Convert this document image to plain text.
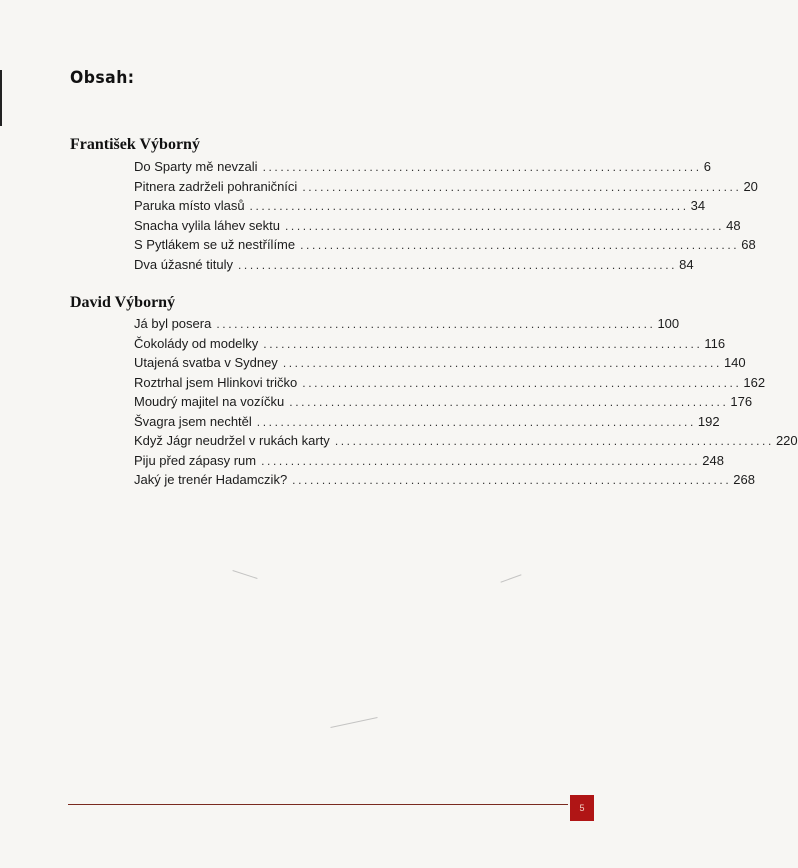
Obsah:
František Výborný
Do Sparty mě nevzali .......................................................................... 6
Pitnera zadrželi pohraničníci .......................................................................... 20
Paruka místo vlasů .......................................................................... 34
Snacha vylila láhev sektu .......................................................................... 48
S Pytlákem se už nestřílíme .......................................................................... 68
Dva úžasné tituly .......................................................................... 84
David Výborný
Já byl posera .......................................................................... 100
Čokolády od modelky .......................................................................... 116
Utajená svatba v Sydney .......................................................................... 140
Roztrhal jsem Hlinkovi tričko .......................................................................... 162
Moudrý majitel na vozíčku .......................................................................... 176
Švagra jsem nechtěl .......................................................................... 192
Když Jágr neudržel v rukách karty .......................................................................... 220
Piju před zápasy rum .......................................................................... 248
Jaký je trenér Hadamczik? .......................................................................... 268
5
